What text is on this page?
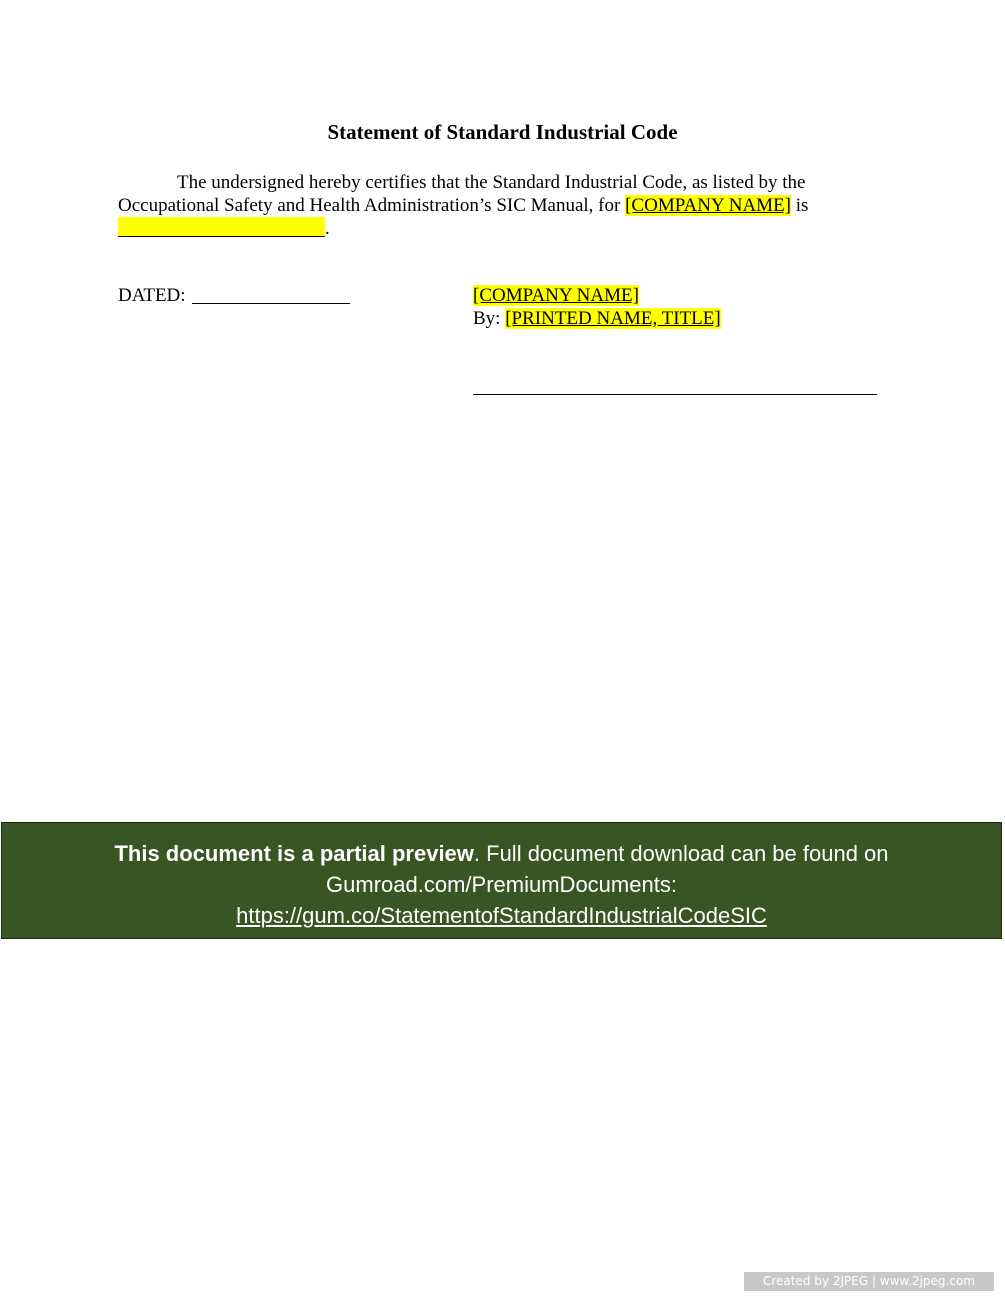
Statement of Standard Industrial Code

The undersigned hereby certifies that the Standard Industrial Code, as listed by the
Occupational Safety and Health Administration’s SIC Manual, for [COMPANY NAME] is
.

DATED:	[COMPANY NAME]
By: [PRINTED NAME, TITLE]
This document is a partial preview. Full document download can be found on
Gumroad.com/PremiumDocuments:
https://gum.co/StatementofStandardIndustrialCodeSIC
Created by 2JPEG | www.2jpeg.com
